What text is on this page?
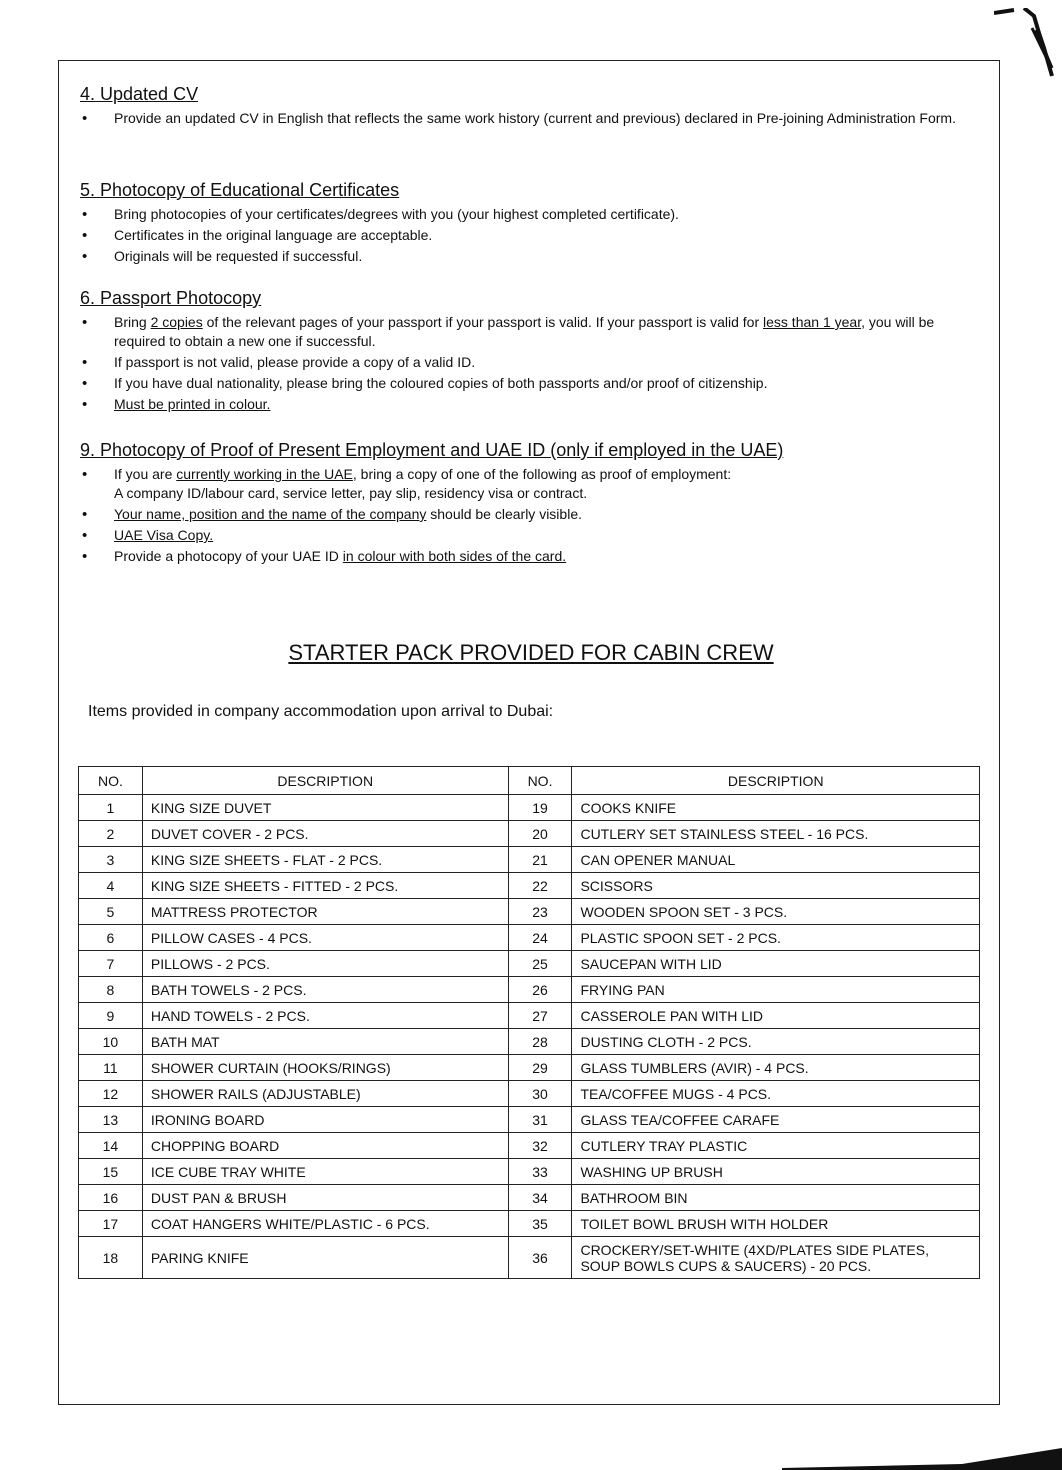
4. Updated CV
• Provide an updated CV in English that reflects the same work history (current and previous) declared in Pre-joining Administration Form.
5. Photocopy of Educational Certificates
• Bring photocopies of your certificates/degrees with you (your highest completed certificate).
• Certificates in the original language are acceptable.
• Originals will be requested if successful.
6. Passport Photocopy
• Bring 2 copies of the relevant pages of your passport if your passport is valid. If your passport is valid for less than 1 year, you will be required to obtain a new one if successful.
• If passport is not valid, please provide a copy of a valid ID.
• If you have dual nationality, please bring the coloured copies of both passports and/or proof of citizenship.
• Must be printed in colour.
9. Photocopy of Proof of Present Employment and UAE ID (only if employed in the UAE)
• If you are currently working in the UAE, bring a copy of one of the following as proof of employment:
A company ID/labour card, service letter, pay slip, residency visa or contract.
• Your name, position and the name of the company should be clearly visible.
• UAE Visa Copy.
• Provide a photocopy of your UAE ID in colour with both sides of the card.
STARTER PACK PROVIDED FOR CABIN CREW

Items provided in company accommodation upon arrival to Dubai:

NO.	DESCRIPTION	NO.	DESCRIPTION
1	KING SIZE DUVET	19	COOKS KNIFE
2	DUVET COVER - 2 PCS.	20	CUTLERY SET STAINLESS STEEL - 16 PCS.
3	KING SIZE SHEETS - FLAT - 2 PCS.	21	CAN OPENER MANUAL
4	KING SIZE SHEETS - FITTED - 2 PCS.	22	SCISSORS
5	MATTRESS PROTECTOR	23	WOODEN SPOON SET - 3 PCS.
6	PILLOW CASES - 4 PCS.	24	PLASTIC SPOON SET - 2 PCS.
7	PILLOWS - 2 PCS.	25	SAUCEPAN WITH LID
8	BATH TOWELS - 2 PCS.	26	FRYING PAN
9	HAND TOWELS - 2 PCS.	27	CASSEROLE PAN WITH LID
10	BATH MAT	28	DUSTING CLOTH - 2 PCS.
11	SHOWER CURTAIN (HOOKS/RINGS)	29	GLASS TUMBLERS (AVIR) - 4 PCS.
12	SHOWER RAILS (ADJUSTABLE)	30	TEA/COFFEE MUGS - 4 PCS.
13	IRONING BOARD	31	GLASS TEA/COFFEE CARAFE
14	CHOPPING BOARD	32	CUTLERY TRAY PLASTIC
15	ICE CUBE TRAY WHITE	33	WASHING UP BRUSH
16	DUST PAN & BRUSH	34	BATHROOM BIN
17	COAT HANGERS WHITE/PLASTIC - 6 PCS.	35	TOILET BOWL BRUSH WITH HOLDER
18	PARING KNIFE	36	CROCKERY/SET-WHITE (4XD/PLATES SIDE PLATES, SOUP BOWLS CUPS & SAUCERS) - 20 PCS.
